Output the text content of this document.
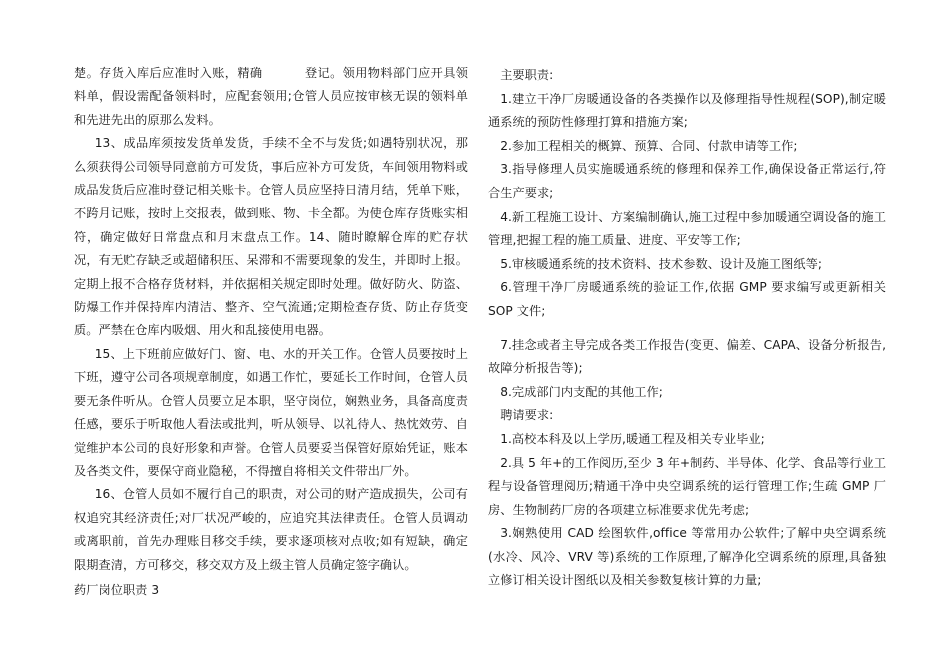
楚。存货入库后应准时入账，精确          登记。领用物料部门应开具领料单，假设需配备领料时，应配套领用;仓管人员应按审核无误的领料单和先进先出的原那么发料。

13、成品库须按发货单发货，手续不全不与发货;如遇特别状况，那么须获得公司领导同意前方可发货，事后应补方可发货，车间领用物料或成品发货后应准时登记相关账卡。仓管人员应坚持日清月结，凭单下账，不跨月记账，按时上交报表，做到账、物、卡全都。为使仓库存货账实相符，确定做好日常盘点和月末盘点工作。14、随时瞭解仓库的贮存状况，有无贮存缺乏或超储积压、呆滞和不需要现象的发生，并即时上报。定期上报不合格存货材料，并依据相关规定即时处理。做好防火、防盗、防爆工作并保持库内清洁、整齐、空气流通;定期检查存货、防止存货变质。严禁在仓库内吸烟、用火和乱接使用电器。

15、上下班前应做好门、窗、电、水的开关工作。仓管人员要按时上下班，遵守公司各项规章制度，如遇工作忙，要延长工作时间，仓管人员要无条件听从。仓管人员要立足本职，坚守岗位，娴熟业务，具备高度责任感，要乐于听取他人看法或批判，听从领导、以礼待人、热忱效劳、自觉维护本公司的良好形象和声誉。仓管人员要妥当保管好原始凭证，账本及各类文件，要保守商业隐秘，不得擅自将相关文件带出厂外。

16、仓管人员如不履行自己的职责，对公司的财产造成损失，公司有权追究其经济责任;对厂状况严峻的，应追究其法律责任。仓管人员调动或离职前，首先办理账目移交手续，要求逐项核对点收;如有短缺，确定限期查清，方可移交，移交双方及上级主管人员确定签字确认。

药厂岗位职责 3

主要职责:

1.建立干净厂房暖通设备的各类操作以及修理指导性规程(SOP),制定暖通系统的预防性修理打算和措施方案;

2.参加工程相关的概算、预算、合同、付款申请等工作;

3.指导修理人员实施暖通系统的修理和保养工作,确保设备正常运行,符合生产要求;

4.新工程施工设计、方案编制确认,施工过程中参加暖通空调设备的施工管理,把握工程的施工质量、进度、平安等工作;

5.审核暖通系统的技术资料、技术参数、设计及施工图纸等;

6.管理干净厂房暖通系统的验证工作,依据 GMP 要求编写或更新相关 SOP 文件;

7.挂念或者主导完成各类工作报告(变更、偏差、CAPA、设备分析报告,故障分析报告等);

8.完成部门内支配的其他工作;

聘请要求:

1.高校本科及以上学历,暖通工程及相关专业毕业;

2.具 5 年+的工作阅历,至少 3 年+制药、半导体、化学、食品等行业工程与设备管理阅历;精通干净中央空调系统的运行管理工作;生疏 GMP 厂房、生物制药厂房的各项建立标准要求优先考虑;

3.娴熟使用 CAD 绘图软件,office 等常用办公软件;了解中央空调系统(水冷、风冷、VRV 等)系统的工作原理,了解净化空调系统的原理,具备独立修订相关设计图纸以及相关参数复核计算的力量;
